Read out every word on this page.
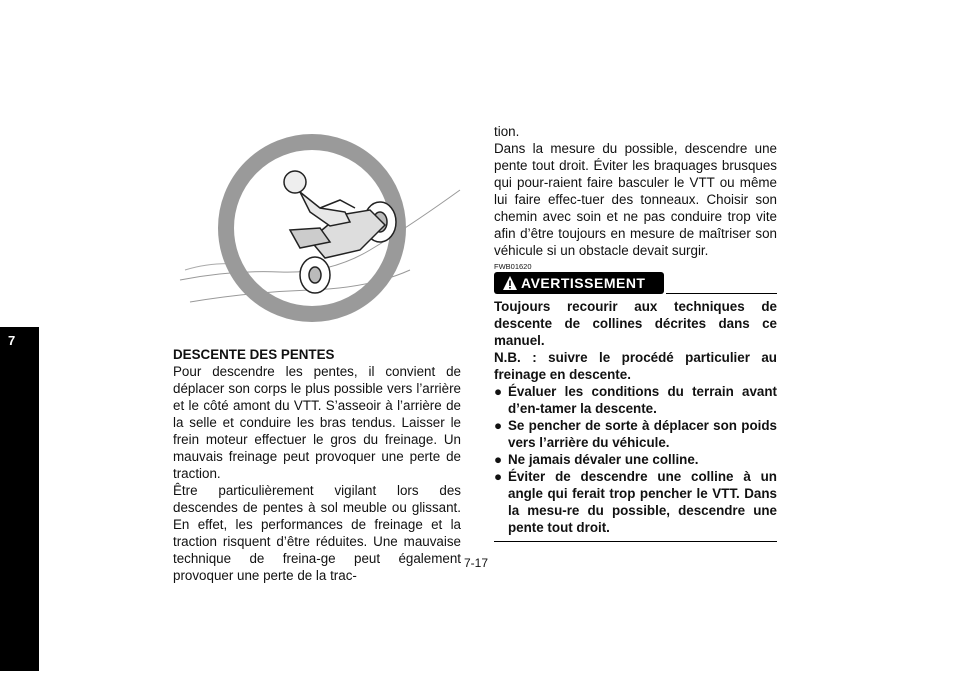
7
DESCENTE DES PENTES

Pour descendre les pentes, il convient de déplacer son corps le plus possible vers l’arrière et le côté amont du VTT. S’asseoir à l’arrière de la selle et conduire les bras tendus. Laisser le frein moteur effectuer le gros du freinage. Un mauvais freinage peut provoquer une perte de traction.

Être particulièrement vigilant lors des descendes de pentes à sol meuble ou glissant. En effet, les performances de freinage et la traction risquent d’être réduites. Une mauvaise technique de freina-ge peut également provoquer une perte de la trac-

tion.

Dans la mesure du possible, descendre une pente tout droit. Éviter les braquages brusques qui pour-raient faire basculer le VTT ou même lui faire effec-tuer des tonneaux. Choisir son chemin avec soin et ne pas conduire trop vite afin d’être toujours en mesure de maîtriser son véhicule si un obstacle devait surgir.

FWB01620

AVERTISSEMENT

Toujours recourir aux techniques de descente de collines décrites dans ce manuel.

N.B. : suivre le procédé particulier au freinage en descente.

● Évaluer les conditions du terrain avant d’en-tamer la descente.
● Se pencher de sorte à déplacer son poids vers l’arrière du véhicule.
● Ne jamais dévaler une colline.
● Éviter de descendre une colline à un angle qui ferait trop pencher le VTT. Dans la mesu-re du possible, descendre une pente tout droit.
7-17
